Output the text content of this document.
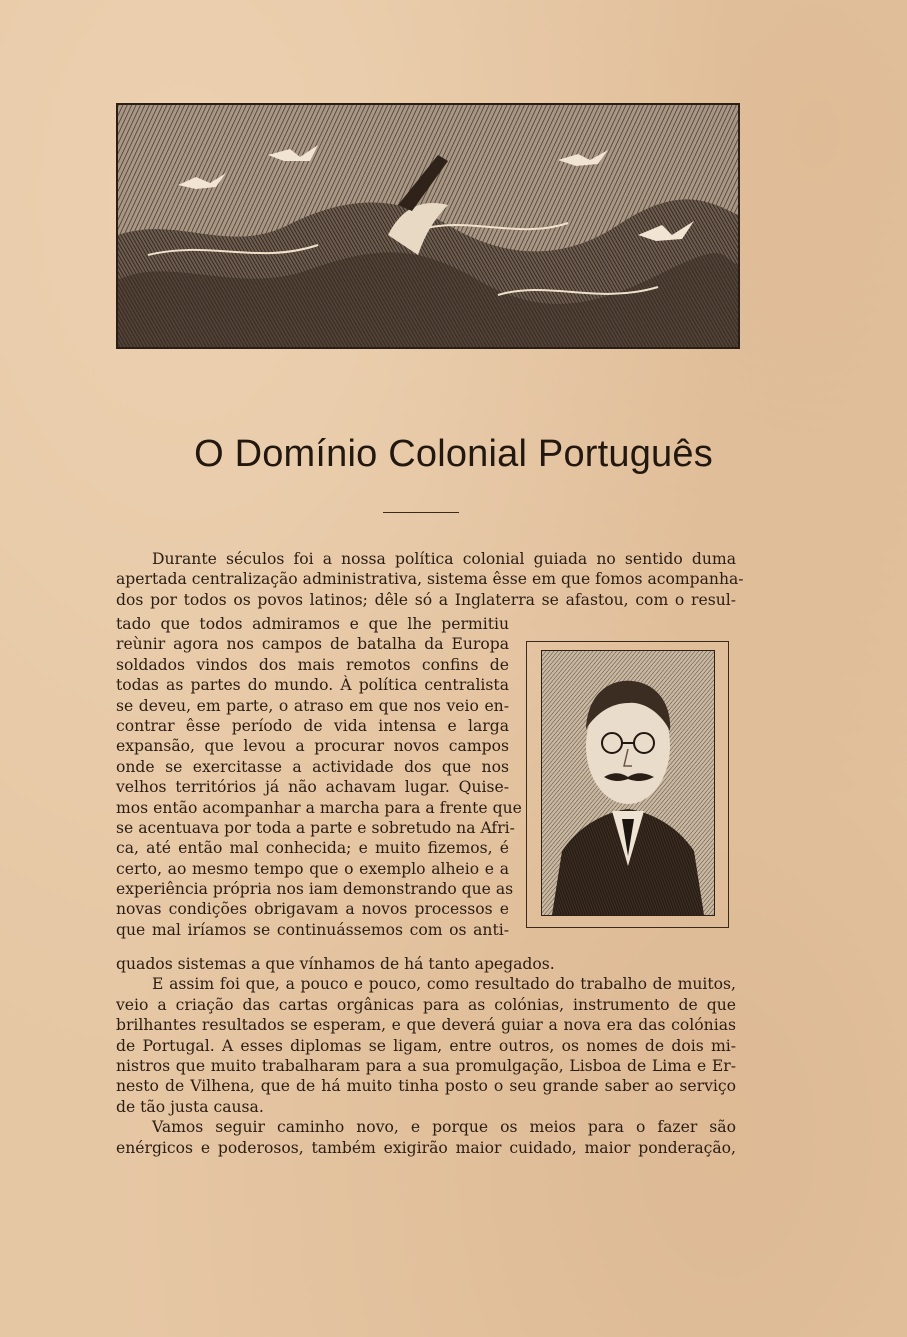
O Domínio Colonial Português
Durante séculos foi a nossa política colonial guiada no sentido duma
apertada centralização administrativa, sistema êsse em que fomos acompanha-
dos por todos os povos latinos; dêle só a Inglaterra se afastou, com o resul-
tado que todos admiramos e que lhe permitiu
reùnir agora nos campos de batalha da Europa
soldados vindos dos mais remotos confins de
todas as partes do mundo. À política centralista
se deveu, em parte, o atraso em que nos veio en-
contrar êsse período de vida intensa e larga
expansão, que levou a procurar novos campos
onde se exercitasse a actividade dos que nos
velhos territórios já não achavam lugar. Quise-
mos então acompanhar a marcha para a frente que
se acentuava por toda a parte e sobretudo na Afri-
ca, até então mal conhecida; e muito fizemos, é
certo, ao mesmo tempo que o exemplo alheio e a
experiência própria nos iam demonstrando que as
novas condições obrigavam a novos processos e
que mal iríamos se continuássemos com os anti-
quados sistemas a que vínhamos de há tanto apegados.
E assim foi que, a pouco e pouco, como resultado do trabalho de muitos,
veio a criação das cartas orgânicas para as colónias, instrumento de que
brilhantes resultados se esperam, e que deverá guiar a nova era das colónias
de Portugal. A esses diplomas se ligam, entre outros, os nomes de dois mi-
nistros que muito trabalharam para a sua promulgação, Lisboa de Lima e Er-
nesto de Vilhena, que de há muito tinha posto o seu grande saber ao serviço
de tão justa causa.
Vamos seguir caminho novo, e porque os meios para o fazer são
enérgicos e poderosos, também exigirão maior cuidado, maior ponderação,
